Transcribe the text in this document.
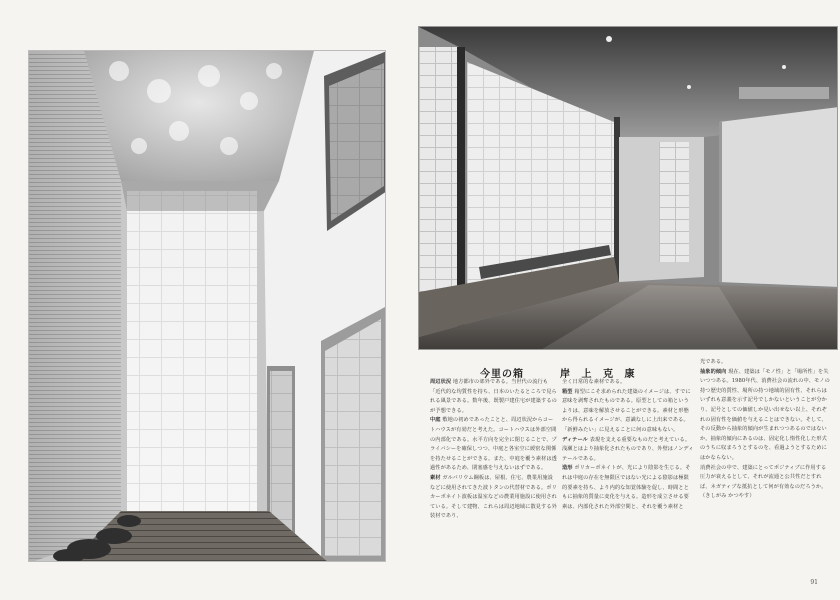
今里の箱	岸 上 克 康

周辺状況 地方都市の郊外である。当世代の流行も「近代的な均質性を持ち、日本のいたるところで見られる風景である。数年後、既製戸建住宅が建築するのが予想できる。

中庭 敷地の初めであったことと、周辺状況からコートハウスが有効だと考えた。コートハウスは外部空間の内部化である。水平方向を完全に閉じることで、プライバシーを確保しつつ、中庭と各室空に緩密な関係を持たせることができる。また、中庭を覆う素材は透過性があるため、閉塞感を与えないはずである。

素材 ガルバリウム鋼板は、屋根、住宅、農業用施設などに使用されてきた波トタンの代替材である。ポリカーボネイト波板は温室などの農業用施設に使用されている。そして建物、これらは周辺地域に散見する外装材であり、

全く日常的な素材である。

箱型 箱型にこそ求められた建築のイメージは、すでに意味を剥奪されたものである。原型としての箱というよりは、意味を解放させることができる。素材と形態から得られるイメージが、意識なしに上出来である。「新鮮みたい」に見えることに何の意味もない。

ディテール 表現を支える重要なものだと考えている。浅瀬とはより抽象化されたものであり、外壁はノンディテールである。

造形 ポリカーボネイトが、光により陰影を生じる。それは中庭の存在を無限区ではない光による陰影は極限的要素を持ち、より内的な知覚体験を促し、時間とともに抽象的質量に変化を与える。造形を成立させる要素は、内部化された外部空間と、それを覆う素材と

光である。

抽象的傾向 現在、建築は「モノ性」と「場所性」を失いつつある。1980年代、消費社会の流れの中、モノの持つ歴史的質性、場所の持つ地域的固有性、それらはいずれも意義を示す記号でしかないということが分かり、記号としての価値しか見い出せない以上、それぞれの固有性を価値を与えることはできない。そして、その反動から抽象的傾向が生まれつつあるのではないか。抽象的傾向にあるのは、固定化し惰性化した形式のうちに収まろうとするのを、看過ようとするためにはかならない。

消費社会の中で、建築にとってポジティブに作用する圧力が衰えるとして、それが流通と公共性だとすれば、ネガティブな抵抗として何が有効なのだろうか。（きしがみ かつやす）

91
